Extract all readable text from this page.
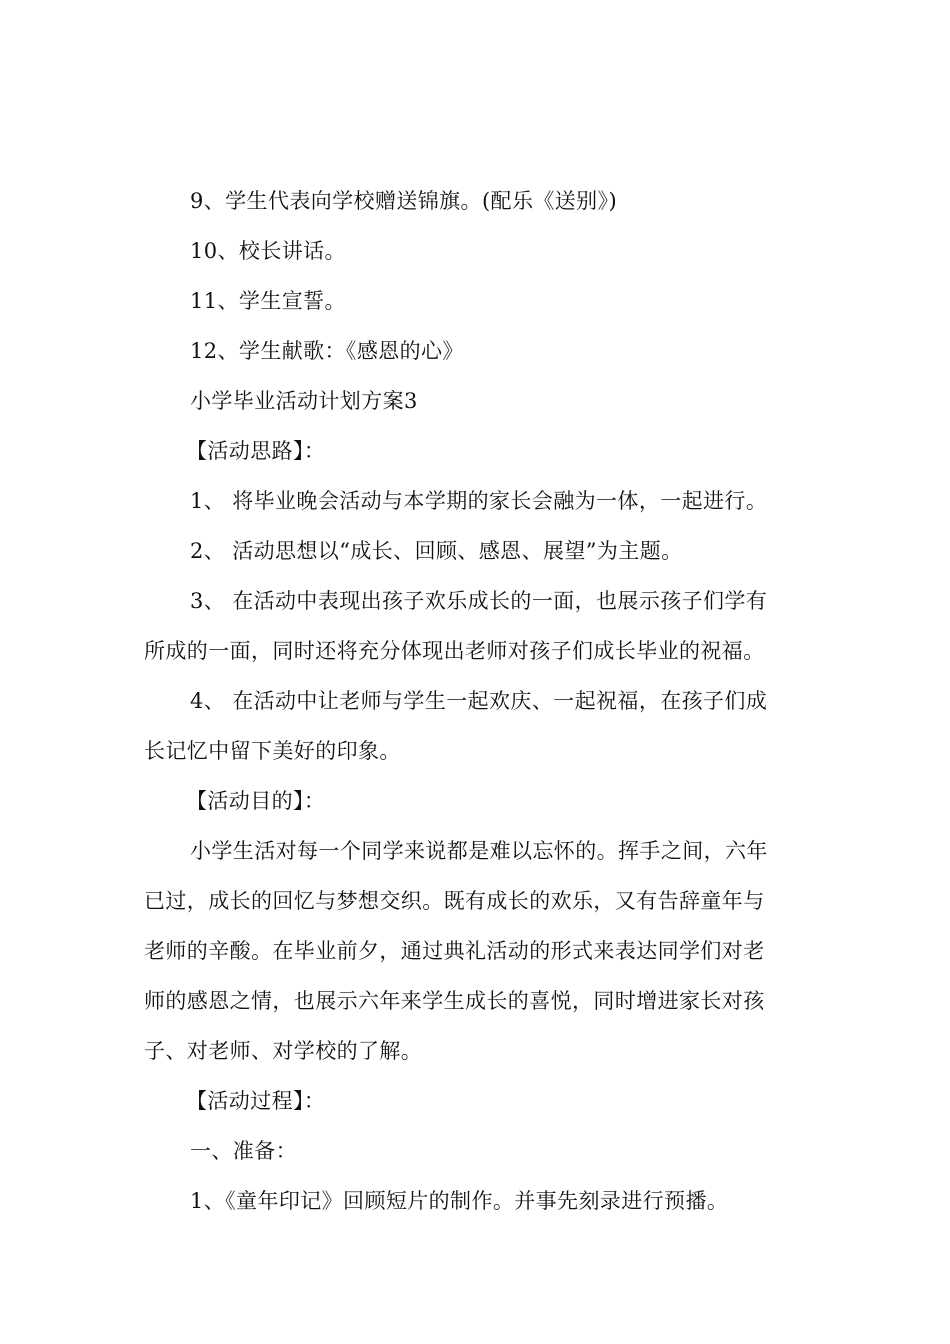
9、学生代表向学校赠送锦旗。(配乐《送别》)
10、校长讲话。
11、学生宣誓。
12、学生献歌：《感恩的心》
小学毕业活动计划方案3
【活动思路】：
1、 将毕业晚会活动与本学期的家长会融为一体，一起进行。
2、 活动思想以“成长、回顾、感恩、展望”为主题。
3、 在活动中表现出孩子欢乐成长的一面，也展示孩子们学有
所成的一面，同时还将充分体现出老师对孩子们成长毕业的祝福。
4、 在活动中让老师与学生一起欢庆、一起祝福，在孩子们成
长记忆中留下美好的印象。
【活动目的】：
小学生活对每一个同学来说都是难以忘怀的。挥手之间，六年
已过，成长的回忆与梦想交织。既有成长的欢乐，又有告辞童年与
老师的辛酸。在毕业前夕，通过典礼活动的形式来表达同学们对老
师的感恩之情，也展示六年来学生成长的喜悦，同时增进家长对孩
子、对老师、对学校的了解。
【活动过程】：
一、准备：
1、《童年印记》回顾短片的制作。并事先刻录进行预播。
